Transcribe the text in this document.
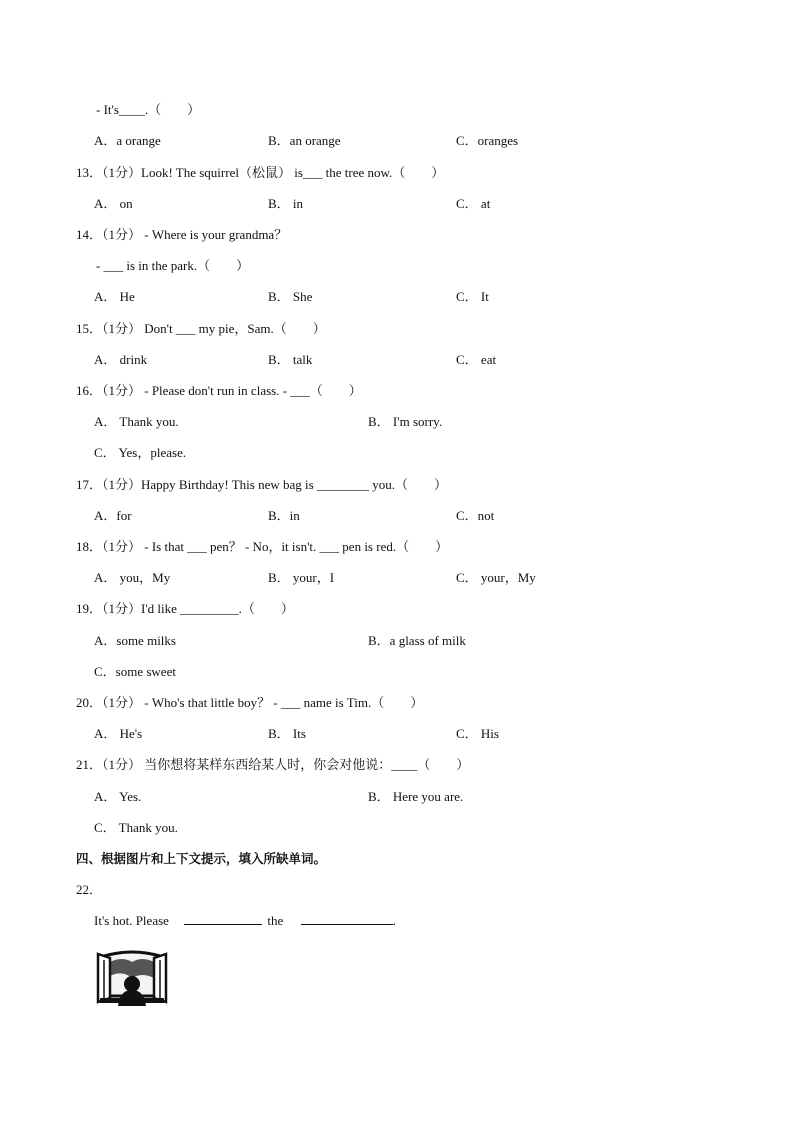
- It's____.（　　）
A．a orange	B．an orange	C．oranges
13．（1分）Look! The squirrel（松鼠） is___ the tree now.（　　）
A． on	B． in	C． at
14．（1分） - Where is your grandma？
- ___ is in the park.（　　）
A． He	B． She	C． It
15．（1分） Don't ___ my pie，Sam.（　　）
A． drink	B． talk	C． eat
16．（1分） - Please don't run in class. - ___（　　）
A． Thank you.	B． I'm sorry.
C． Yes，please.
17．（1分）Happy Birthday! This new bag is ________ you.（　　）
A．for	B．in	C．not
18．（1分） - Is that ___ pen？ - No，it isn't. ___ pen is red.（　　）
A． you，My	B． your，I	C． your，My
19．（1分）I'd like _________.（　　）
A．some milks	B．a glass of milk
C．some sweet
20．（1分） - Who's that little boy？ - ___ name is Tim.（　　）
A． He's	B． Its	C． His
21．（1分） 当你想将某样东西给某人时，你会对他说：____（　　）
A． Yes.	B． Here you are.
C． Thank you.
四、根据图片和上下文提示，填入所缺单词。
22．
It's hot. Please	the	.
